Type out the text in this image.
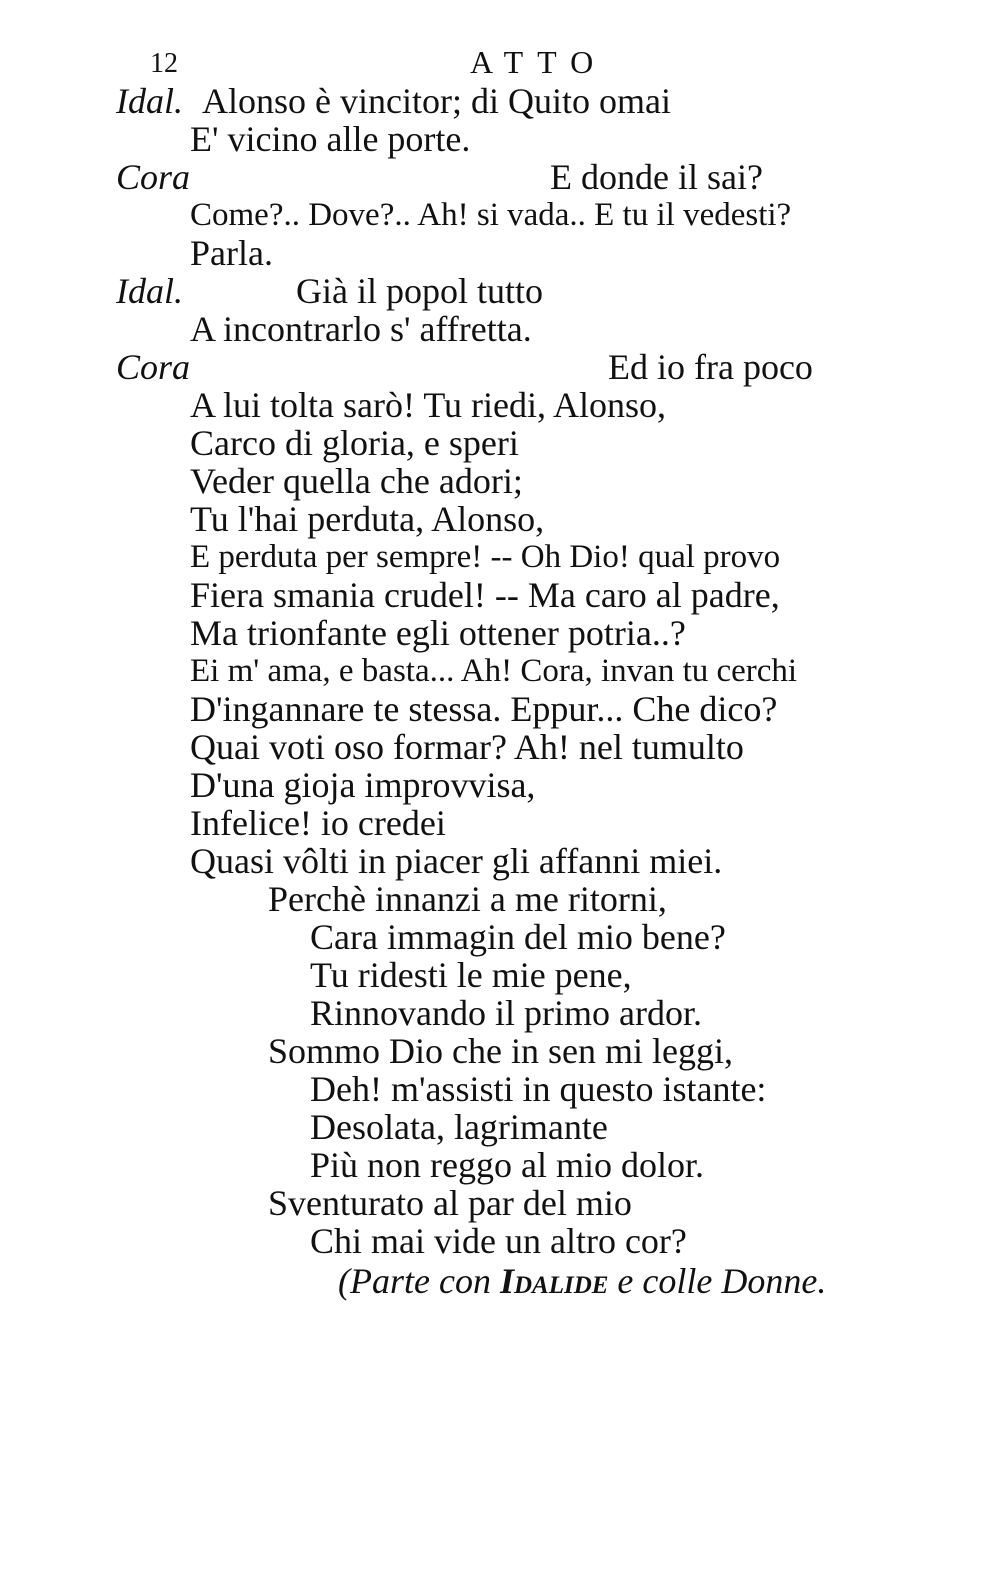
12	ATTO
Idal. Alonso è vincitor; di Quito omai
E' vicino alle porte.
Cora	E donde il sai?
Come?.. Dove?.. Ah! si vada.. E tu il vedesti?
Parla.
Idal.	Già il popol tutto
A incontrarlo s' affretta.
Cora	Ed io fra poco
A lui tolta sarò! Tu riedi, Alonso,
Carco di gloria, e speri
Veder quella che adori;
Tu l'hai perduta, Alonso,
E perduta per sempre! -- Oh Dio! qual provo
Fiera smania crudel! -- Ma caro al padre,
Ma trionfante egli ottener potria..?
Ei m' ama, e basta... Ah! Cora, invan tu cerchi
D'ingannare te stessa. Eppur... Che dico?
Quai voti oso formar? Ah! nel tumulto
D'una gioja improvvisa,
Infelice! io credei
Quasi vôlti in piacer gli affanni miei.
Perchè innanzi a me ritorni,
Cara immagin del mio bene?
Tu ridesti le mie pene,
Rinnovando il primo ardor.
Sommo Dio che in sen mi leggi,
Deh! m'assisti in questo istante:
Desolata, lagrimante
Più non reggo al mio dolor.
Sventurato al par del mio
Chi mai vide un altro cor?
(Parte con Idalide e colle Donne.
